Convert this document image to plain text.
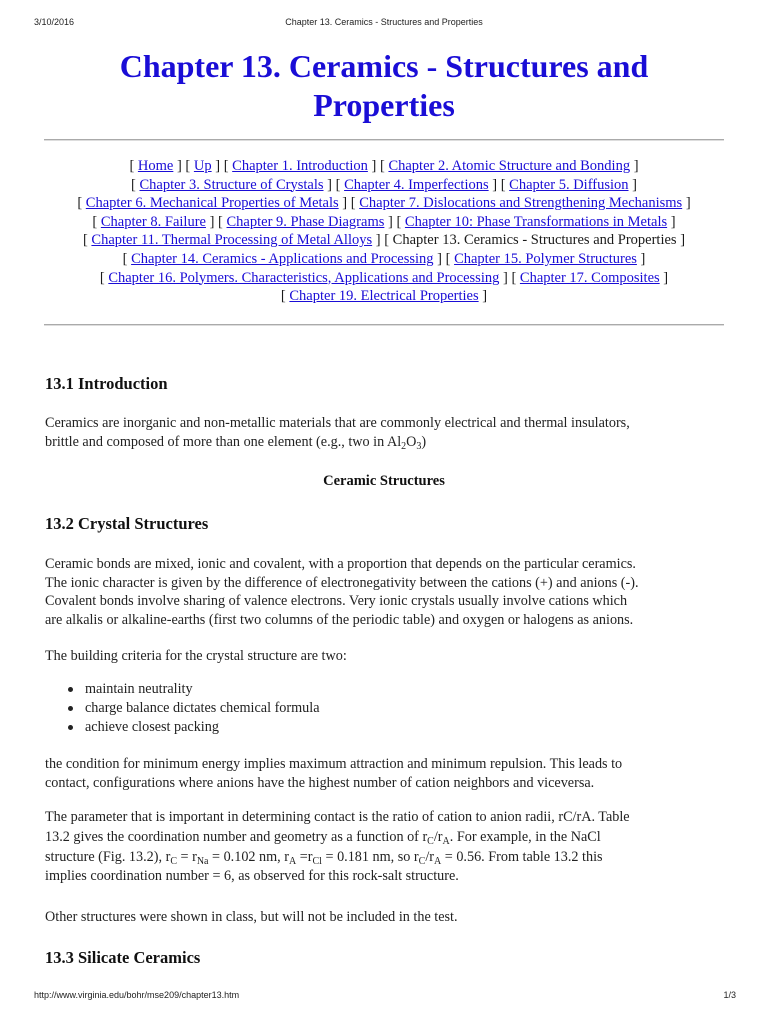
3/10/2016	Chapter 13. Ceramics - Structures and Properties
Chapter 13. Ceramics - Structures and
Properties
[ Home ] [ Up ] [ Chapter 1. Introduction ] [ Chapter 2. Atomic Structure and Bonding ]
[ Chapter 3. Structure of Crystals ] [ Chapter 4. Imperfections ] [ Chapter 5. Diffusion ]
[ Chapter 6. Mechanical Properties of Metals ] [ Chapter 7. Dislocations and Strengthening Mechanisms ]
[ Chapter 8. Failure ] [ Chapter 9. Phase Diagrams ] [ Chapter 10: Phase Transformations in Metals ]
[ Chapter 11. Thermal Processing of Metal Alloys ] [ Chapter 13. Ceramics - Structures and Properties ]
[ Chapter 14. Ceramics - Applications and Processing ] [ Chapter 15. Polymer Structures ]
[ Chapter 16. Polymers. Characteristics, Applications and Processing ] [ Chapter 17. Composites ]
[ Chapter 19. Electrical Properties ]
13.1 Introduction

Ceramics are inorganic and non-metallic materials that are commonly electrical and thermal insulators,
brittle and composed of more than one element (e.g., two in $Al_2O_3$)

Ceramic Structures
13.2 Crystal Structures

Ceramic bonds are mixed, ionic and covalent, with a proportion that depends on the particular ceramics.
The ionic character is given by the difference of electronegativity between the cations (+) and anions (-).
Covalent bonds involve sharing of valence electrons. Very ionic crystals usually involve cations which
are alkalis or alkaline-earths (first two columns of the periodic table) and oxygen or halogens as anions.

The building criteria for the crystal structure are two:

maintain neutrality
charge balance dictates chemical formula
achieve closest packing

the condition for minimum energy implies maximum attraction and minimum repulsion. This leads to
contact, configurations where anions have the highest number of cation neighbors and viceversa.

The parameter that is important in determining contact is the ratio of cation to anion radii, rC/rA. Table
13.2 gives the coordination number and geometry as a function of $r_C/r_A$. For example, in the NaCl
structure (Fig. 13.2), $r_C = r_{Na} = 0.102$ nm, $r_A =r_{Cl} = 0.181$ nm, so $r_C/r_A = 0.56$. From table 13.2 this
implies coordination number = 6, as observed for this rock-salt structure.

Other structures were shown in class, but will not be included in the test.

13.3 Silicate Ceramics
http://www.virginia.edu/bohr/mse209/chapter13.htm	1/3
